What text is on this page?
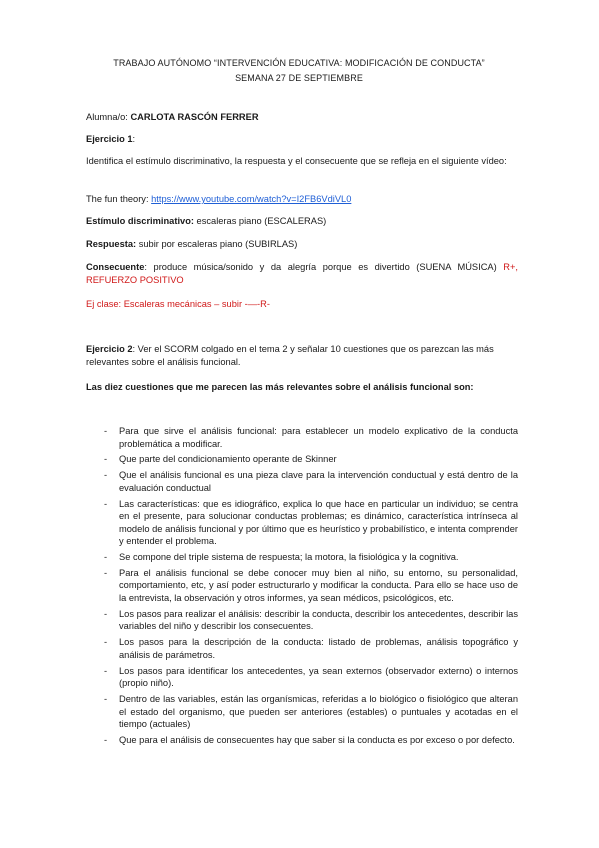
TRABAJO AUTÓNOMO “INTERVENCIÓN EDUCATIVA: MODIFICACIÓN DE CONDUCTA”
SEMANA 27 DE SEPTIEMBRE
Alumna/o: CARLOTA RASCÓN FERRER
Ejercicio 1:
Identifica el estímulo discriminativo, la respuesta y el consecuente que se refleja en el siguiente vídeo:
The fun theory: https://www.youtube.com/watch?v=I2FB6VdiVL0
Estímulo discriminativo: escaleras piano (ESCALERAS)
Respuesta: subir por escaleras piano (SUBIRLAS)
Consecuente: produce música/sonido y da alegría porque es divertido (SUENA MÚSICA) R+, REFUERZO POSITIVO
Ej clase: Escaleras mecánicas – subir -—-R-
Ejercicio 2: Ver el SCORM colgado en el tema 2 y señalar 10 cuestiones que os parezcan las más relevantes sobre el análisis funcional.
Las diez cuestiones que me parecen las más relevantes sobre el análisis funcional son:
- Para que sirve el análisis funcional: para establecer un modelo explicativo de la conducta problemática a modificar.
- Que parte del condicionamiento operante de Skinner
- Que el análisis funcional es una pieza clave para la intervención conductual y está dentro de la evaluación conductual
- Las características: que es idiográfico, explica lo que hace en particular un individuo; se centra en el presente, para solucionar conductas problemas; es dinámico, característica intrínseca al modelo de análisis funcional y por último que es heurístico y probabilístico, e intenta comprender y entender el problema.
- Se compone del triple sistema de respuesta; la motora, la fisiológica y la cognitiva.
- Para el análisis funcional se debe conocer muy bien al niño, su entorno, su personalidad, comportamiento, etc, y así poder estructurarlo y modificar la conducta. Para ello se hace uso de la entrevista, la observación y otros informes, ya sean médicos, psicológicos, etc.
- Los pasos para realizar el análisis: describir la conducta, describir los antecedentes, describir las variables del niño y describir los consecuentes.
- Los pasos para la descripción de la conducta: listado de problemas, análisis topográfico y análisis de parámetros.
- Los pasos para identificar los antecedentes, ya sean externos (observador externo) o internos (propio niño).
- Dentro de las variables, están las organísmicas, referidas a lo biológico o fisiológico que alteran el estado del organismo, que pueden ser anteriores (estables) o puntuales y acotadas en el tiempo (actuales)
- Que para el análisis de consecuentes hay que saber si la conducta es por exceso o por defecto.
